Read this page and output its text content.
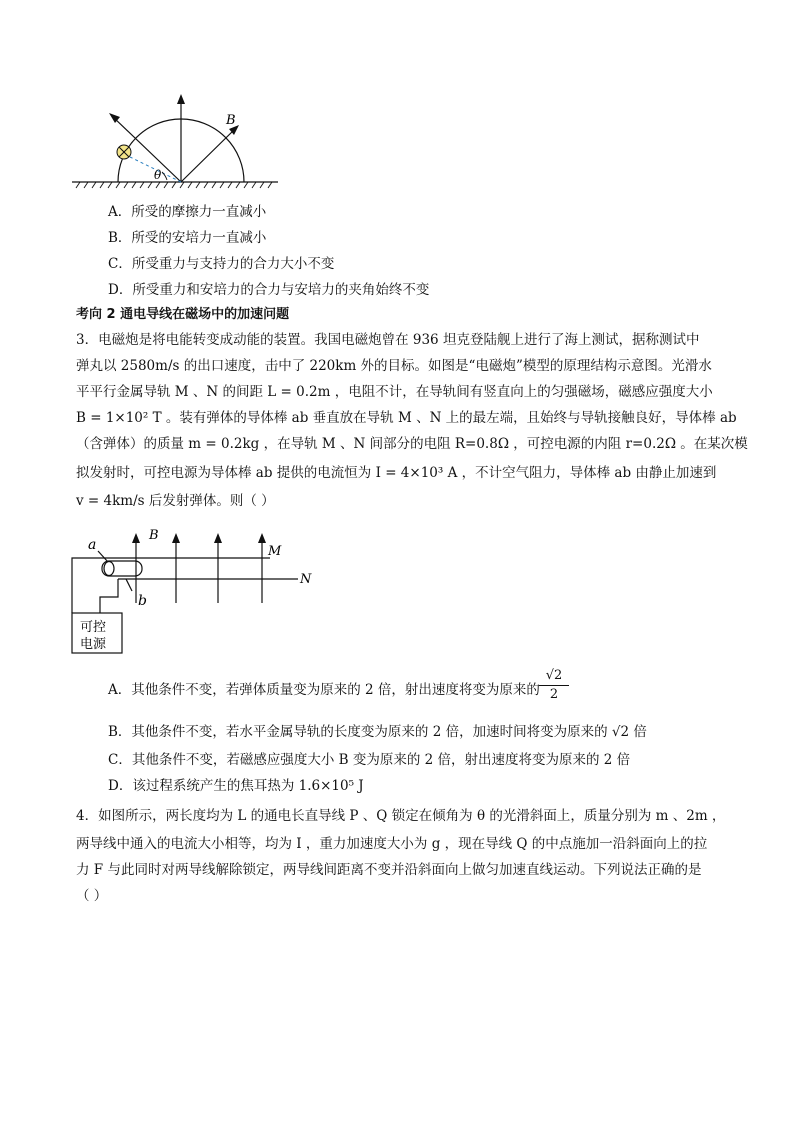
B
θ
A．所受的摩擦力一直减小
B．所受的安培力一直减小
C．所受重力与支持力的合力大小不变
D．所受重力和安培力的合力与安培力的夹角始终不变
考向 2 通电导线在磁场中的加速问题
3．电磁炮是将电能转变成动能的装置。我国电磁炮曾在 936 坦克登陆舰上进行了海上测试，据称测试中
弹丸以 2580m/s 的出口速度，击中了 220km 外的目标。如图是“电磁炮”模型的原理结构示意图。光滑水
平平行金属导轨 M 、N 的间距 L = 0.2m ，电阻不计，在导轨间有竖直向上的匀强磁场，磁感应强度大小
B = 1×10² T 。装有弹体的导体棒 ab 垂直放在导轨 M 、N 上的最左端，且始终与导轨接触良好，导体棒 ab
（含弹体）的质量 m = 0.2kg ，在导轨 M 、N 间部分的电阻 R=0.8Ω ，可控电源的内阻 r=0.2Ω 。在某次模
拟发射时，可控电源为导体棒 ab 提供的电流恒为 I = 4×10³ A ，不计空气阻力，导体棒 ab 由静止加速到
v = 4km/s 后发射弹体。则（ ）
a
b
B
M
N
可控
电源
A．其他条件不变，若弹体质量变为原来的 2 倍，射出速度将变为原来的 $\frac{√2}{2}$
B．其他条件不变，若水平金属导轨的长度变为原来的 2 倍，加速时间将变为原来的 √2 倍
C．其他条件不变，若磁感应强度大小 B 变为原来的 2 倍，射出速度将变为原来的 2 倍
D．该过程系统产生的焦耳热为 1.6×10⁵ J
4．如图所示，两长度均为 L 的通电长直导线 P 、Q 锁定在倾角为 θ 的光滑斜面上，质量分别为 m 、2m ，
两导线中通入的电流大小相等，均为 I ，重力加速度大小为 g ，现在导线 Q 的中点施加一沿斜面向上的拉
力 F 与此同时对两导线解除锁定，两导线间距离不变并沿斜面向上做匀加速直线运动。下列说法正确的是
（ ）
